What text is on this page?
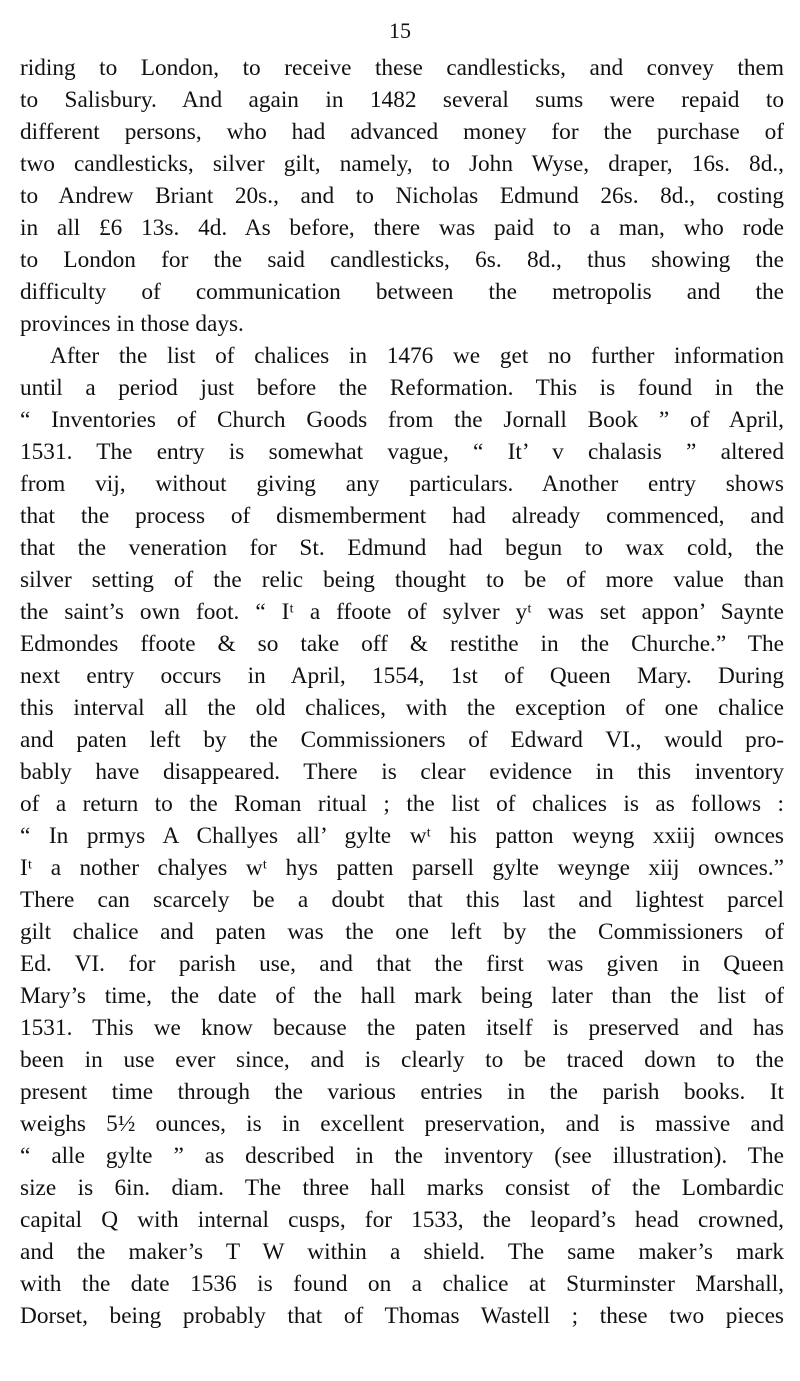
15
riding to London, to receive these candlesticks, and convey them
to Salisbury. And again in 1482 several sums were repaid to
different persons, who had advanced money for the purchase of
two candlesticks, silver gilt, namely, to John Wyse, draper, 16s. 8d.,
to Andrew Briant 20s., and to Nicholas Edmund 26s. 8d., costing
in all £6 13s. 4d. As before, there was paid to a man, who rode
to London for the said candlesticks, 6s. 8d., thus showing the
difficulty of communication between the metropolis and the
provinces in those days.
After the list of chalices in 1476 we get no further information
until a period just before the Reformation. This is found in the
“ Inventories of Church Goods from the Jornall Book ” of April,
1531. The entry is somewhat vague, “ It’ v chalasis ” altered
from vij, without giving any particulars. Another entry shows
that the process of dismemberment had already commenced, and
that the veneration for St. Edmund had begun to wax cold, the
silver setting of the relic being thought to be of more value than
the saint’s own foot. “ Iᵗ a ffoote of sylver yᵗ was set appon’ Saynte
Edmondes ffoote & so take off & restithe in the Churche.” The
next entry occurs in April, 1554, 1st of Queen Mary. During
this interval all the old chalices, with the exception of one chalice
and paten left by the Commissioners of Edward VI., would pro-
bably have disappeared. There is clear evidence in this inventory
of a return to the Roman ritual ; the list of chalices is as follows :
“ In prmys A Challyes all’ gylte wᵗ his patton weyng xxiij ownces
Iᵗ a nother chalyes wᵗ hys patten parsell gylte weynge xiij ownces.”
There can scarcely be a doubt that this last and lightest parcel
gilt chalice and paten was the one left by the Commissioners of
Ed. VI. for parish use, and that the first was given in Queen
Mary’s time, the date of the hall mark being later than the list of
1531. This we know because the paten itself is preserved and has
been in use ever since, and is clearly to be traced down to the
present time through the various entries in the parish books. It
weighs 5½ ounces, is in excellent preservation, and is massive and
“ alle gylte ” as described in the inventory (see illustration). The
size is 6in. diam. The three hall marks consist of the Lombardic
capital Q with internal cusps, for 1533, the leopard’s head crowned,
and the maker’s T W within a shield. The same maker’s mark
with the date 1536 is found on a chalice at Sturminster Marshall,
Dorset, being probably that of Thomas Wastell ; these two pieces
